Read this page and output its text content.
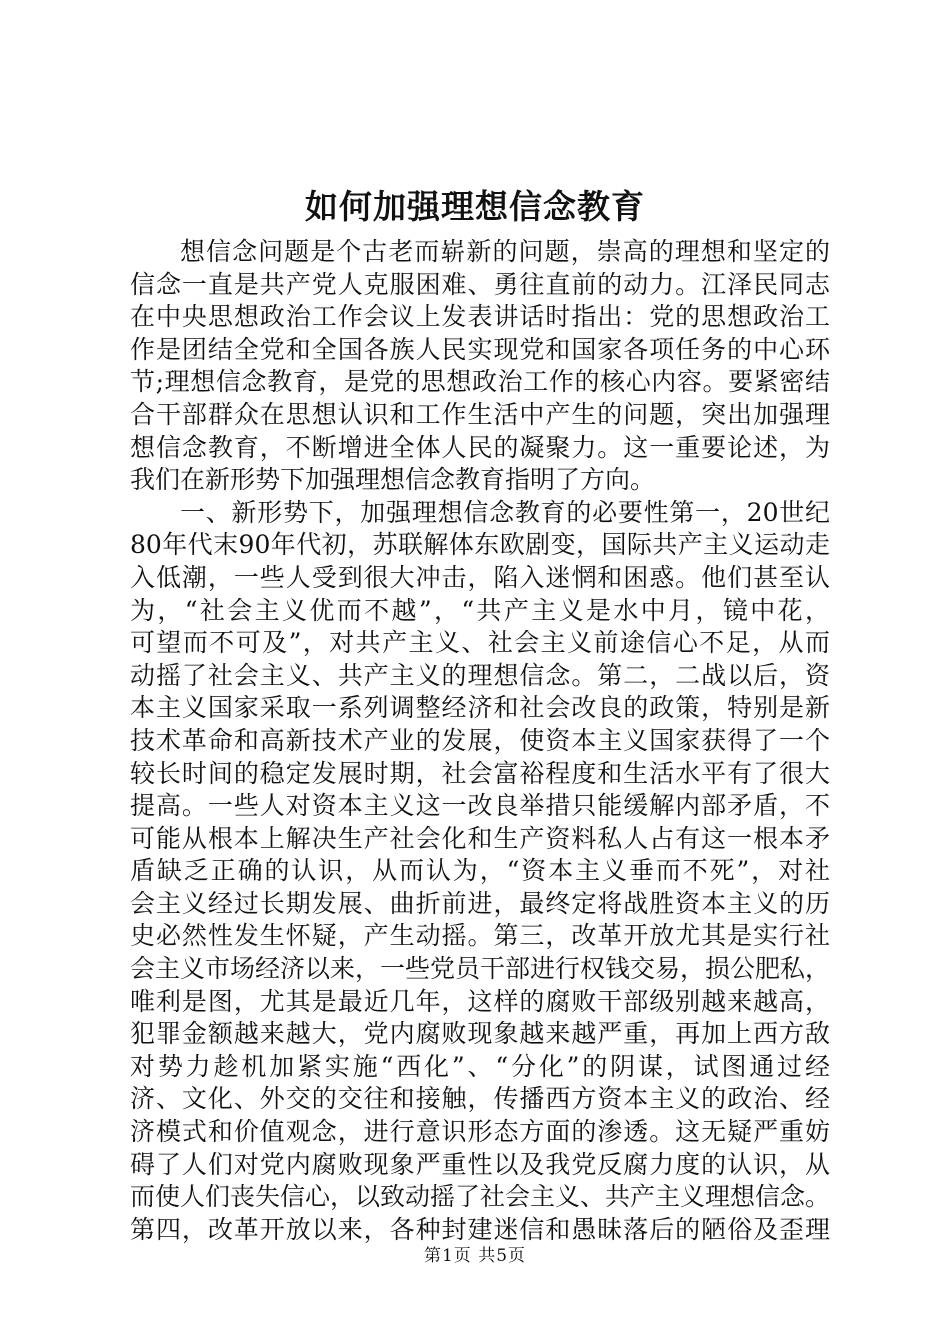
如何加强理想信念教育
想信念问题是个古老而崭新的问题，崇高的理想和坚定的
信念一直是共产党人克服困难、勇往直前的动力。江泽民同志
在中央思想政治工作会议上发表讲话时指出：党的思想政治工
作是团结全党和全国各族人民实现党和国家各项任务的中心环
节;理想信念教育，是党的思想政治工作的核心内容。要紧密结
合干部群众在思想认识和工作生活中产生的问题，突出加强理
想信念教育，不断增进全体人民的凝聚力。这一重要论述，为
我们在新形势下加强理想信念教育指明了方向。
一、新形势下，加强理想信念教育的必要性第一，20世纪
80年代末90年代初，苏联解体东欧剧变，国际共产主义运动走
入低潮，一些人受到很大冲击，陷入迷惘和困惑。他们甚至认
为，“社会主义优而不越”，“共产主义是水中月，镜中花，
可望而不可及”，对共产主义、社会主义前途信心不足，从而
动摇了社会主义、共产主义的理想信念。第二，二战以后，资
本主义国家采取一系列调整经济和社会改良的政策，特别是新
技术革命和高新技术产业的发展，使资本主义国家获得了一个
较长时间的稳定发展时期，社会富裕程度和生活水平有了很大
提高。一些人对资本主义这一改良举措只能缓解内部矛盾，不
可能从根本上解决生产社会化和生产资料私人占有这一根本矛
盾缺乏正确的认识，从而认为，“资本主义垂而不死”，对社
会主义经过长期发展、曲折前进，最终定将战胜资本主义的历
史必然性发生怀疑，产生动摇。第三，改革开放尤其是实行社
会主义市场经济以来，一些党员干部进行权钱交易，损公肥私，
唯利是图，尤其是最近几年，这样的腐败干部级别越来越高，
犯罪金额越来越大，党内腐败现象越来越严重，再加上西方敌
对势力趁机加紧实施“西化”、“分化”的阴谋，试图通过经
济、文化、外交的交往和接触，传播西方资本主义的政治、经
济模式和价值观念，进行意识形态方面的渗透。这无疑严重妨
碍了人们对党内腐败现象严重性以及我党反腐力度的认识，从
而使人们丧失信心，以致动摇了社会主义、共产主义理想信念。
第四，改革开放以来，各种封建迷信和愚昧落后的陋俗及歪理
第1页 共5页
